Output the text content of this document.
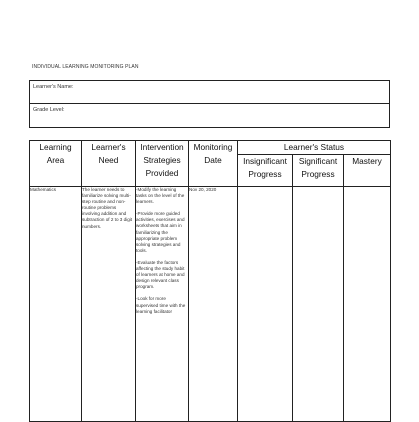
INDIVIDUAL LEARNING MONITORING PLAN
Learner's Name:
Grade Level:
Learning Area	Learner's Need	Intervention Strategies Provided	Monitoring Date	Learner's Status		
				Insignificant Progress	Significant Progress	Mastery
Mathematics	The learner needs to familiarize solving multi-step routine and non-routine problems involving addition and subtraction of 2 to 3 digit numbers.	-Modify the learning tasks on the level of the learners.

-Provide more guided activities, exercises and worksheets that aim in familiarizing the appropriate problem solving strategies and tools.

-Evaluate the factors affecting the study habit of learners at home and design relevant class program.

-Look for more supervised time with the learning facilitator	Nov 20, 2020			
